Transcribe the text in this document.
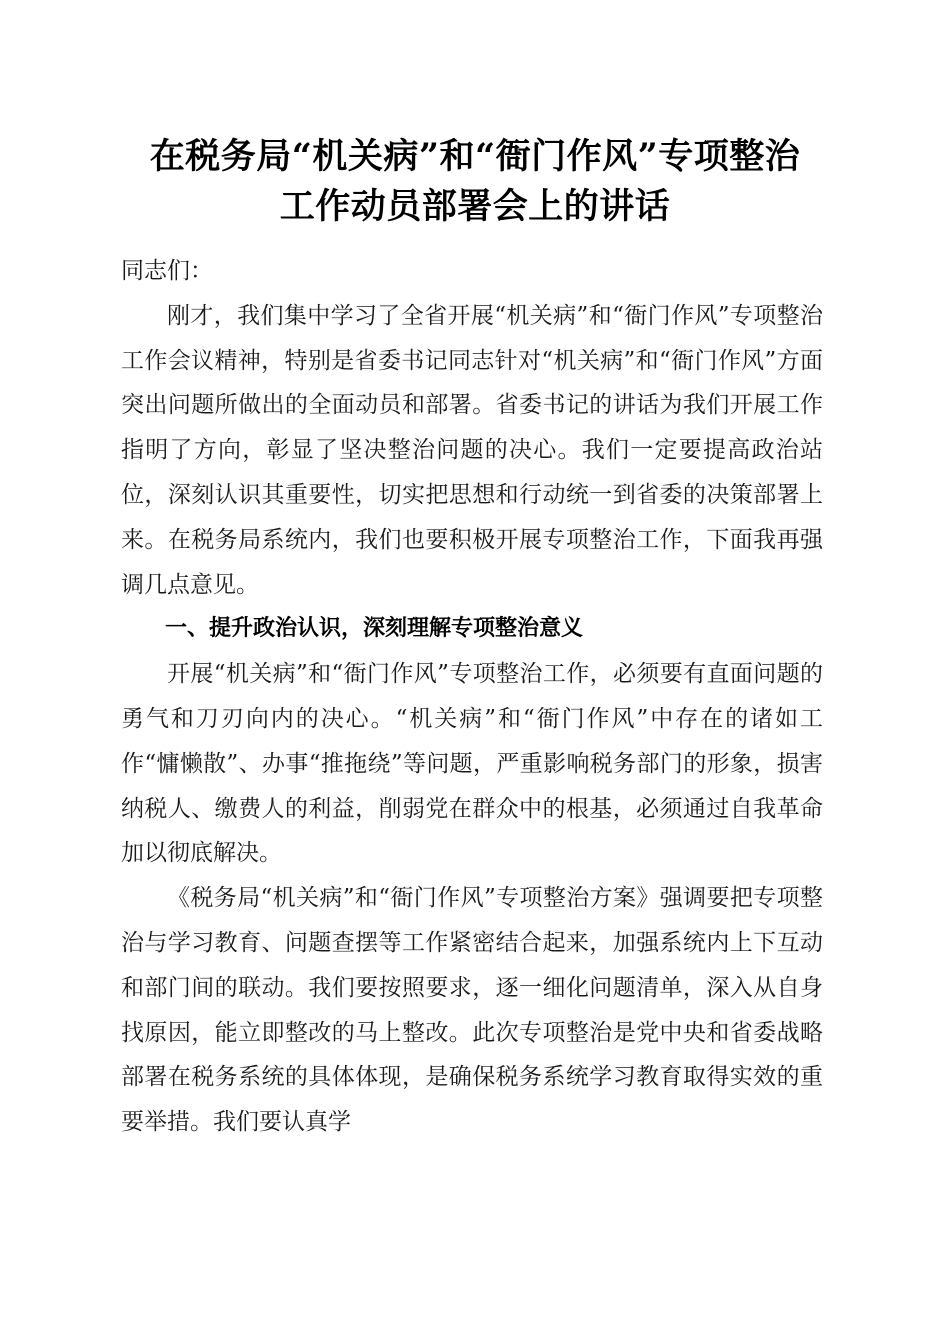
在税务局“机关病”和“衙门作风”专项整治
工作动员部署会上的讲话

同志们：

刚才，我们集中学习了全省开展“机关病”和“衙门作风”专项整治工作会议精神，特别是省委书记同志针对“机关病”和“衙门作风”方面突出问题所做出的全面动员和部署。省委书记的讲话为我们开展工作指明了方向，彰显了坚决整治问题的决心。我们一定要提高政治站位，深刻认识其重要性，切实把思想和行动统一到省委的决策部署上来。在税务局系统内，我们也要积极开展专项整治工作，下面我再强调几点意见。

一、提升政治认识，深刻理解专项整治意义

开展“机关病”和“衙门作风”专项整治工作，必须要有直面问题的勇气和刀刃向内的决心。“机关病”和“衙门作风”中存在的诸如工作“慵懒散”、办事“推拖绕”等问题，严重影响税务部门的形象，损害纳税人、缴费人的利益，削弱党在群众中的根基，必须通过自我革命加以彻底解决。

《税务局“机关病”和“衙门作风”专项整治方案》强调要把专项整治与学习教育、问题查摆等工作紧密结合起来，加强系统内上下互动和部门间的联动。我们要按照要求，逐一细化问题清单，深入从自身找原因，能立即整改的马上整改。此次专项整治是党中央和省委战略部署在税务系统的具体体现，是确保税务系统学习教育取得实效的重要举措。我们要认真学
